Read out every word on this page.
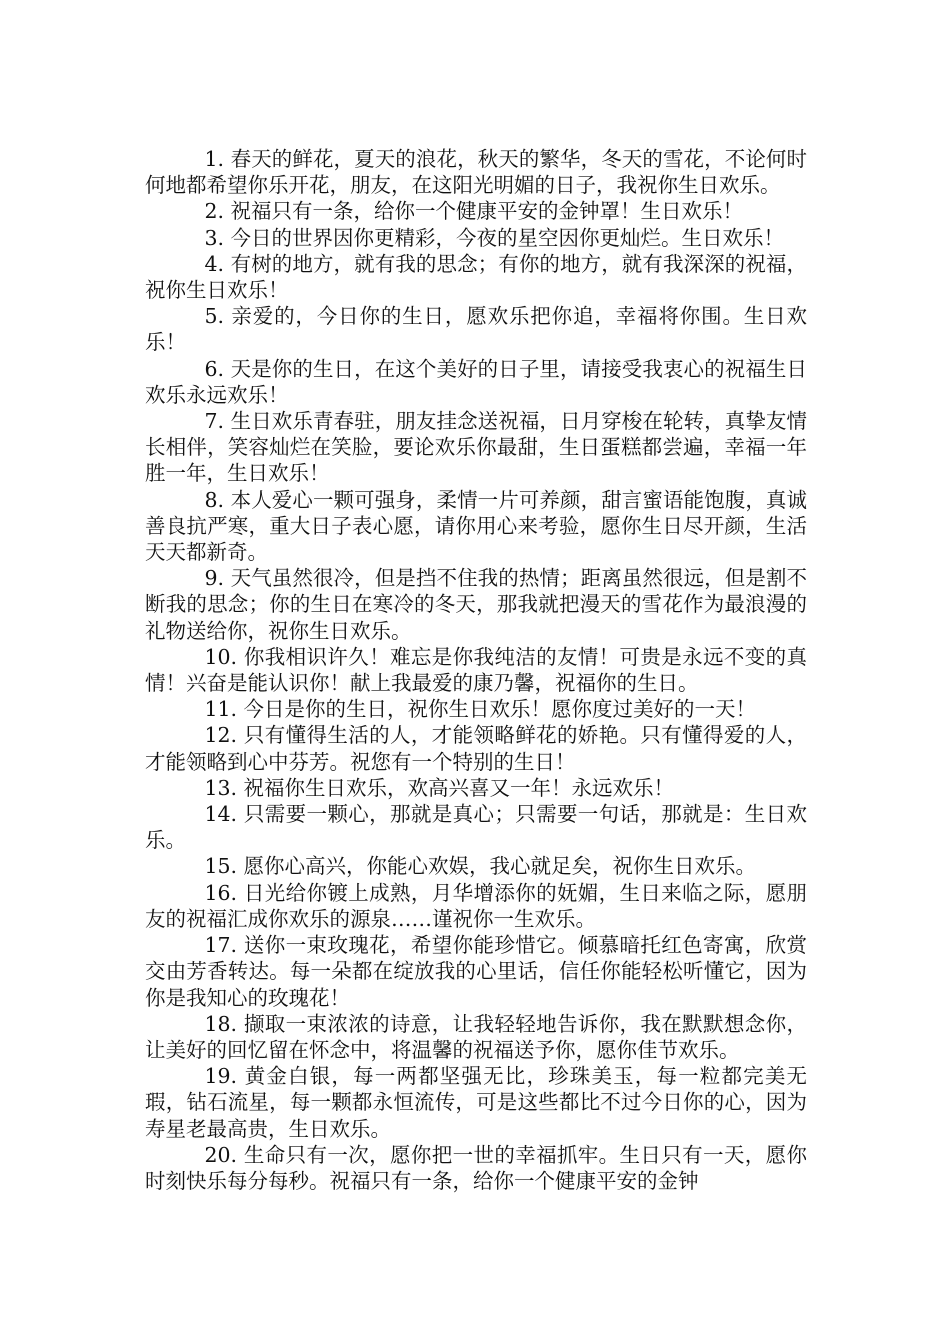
1. 春天的鲜花，夏天的浪花，秋天的繁华，冬天的雪花，不论何时何地都希望你乐开花，朋友，在这阳光明媚的日子，我祝你生日欢乐。

2. 祝福只有一条，给你一个健康平安的金钟罩！生日欢乐！

3. 今日的世界因你更精彩，今夜的星空因你更灿烂。生日欢乐！

4. 有树的地方，就有我的思念；有你的地方，就有我深深的祝福，祝你生日欢乐！

5. 亲爱的，今日你的生日，愿欢乐把你追，幸福将你围。生日欢乐！

6. 天是你的生日，在这个美好的日子里，请接受我衷心的祝福生日欢乐永远欢乐！

7. 生日欢乐青春驻，朋友挂念送祝福，日月穿梭在轮转，真挚友情长相伴，笑容灿烂在笑脸，要论欢乐你最甜，生日蛋糕都尝遍，幸福一年胜一年，生日欢乐！

8. 本人爱心一颗可强身，柔情一片可养颜，甜言蜜语能饱腹，真诚善良抗严寒，重大日子表心愿，请你用心来考验，愿你生日尽开颜，生活天天都新奇。

9. 天气虽然很冷，但是挡不住我的热情；距离虽然很远，但是割不断我的思念；你的生日在寒冷的冬天，那我就把漫天的雪花作为最浪漫的礼物送给你，祝你生日欢乐。

10. 你我相识许久！难忘是你我纯洁的友情！可贵是永远不变的真情！兴奋是能认识你！献上我最爱的康乃馨，祝福你的生日。

11. 今日是你的生日，祝你生日欢乐！愿你度过美好的一天！

12. 只有懂得生活的人，才能领略鲜花的娇艳。只有懂得爱的人，才能领略到心中芬芳。祝您有一个特别的生日！

13. 祝福你生日欢乐，欢高兴喜又一年！永远欢乐！

14. 只需要一颗心，那就是真心；只需要一句话，那就是：生日欢乐。

15. 愿你心高兴，你能心欢娱，我心就足矣，祝你生日欢乐。

16. 日光给你镀上成熟，月华增添你的妩媚，生日来临之际，愿朋友的祝福汇成你欢乐的源泉……谨祝你一生欢乐。

17. 送你一束玫瑰花，希望你能珍惜它。倾慕暗托红色寄寓，欣赏交由芳香转达。每一朵都在绽放我的心里话，信任你能轻松听懂它，因为你是我知心的玫瑰花！

18. 撷取一束浓浓的诗意，让我轻轻地告诉你，我在默默想念你，让美好的回忆留在怀念中，将温馨的祝福送予你，愿你佳节欢乐。

19. 黄金白银，每一两都坚强无比，珍珠美玉，每一粒都完美无瑕，钻石流星，每一颗都永恒流传，可是这些都比不过今日你的心，因为寿星老最高贵，生日欢乐。

20. 生命只有一次，愿你把一世的幸福抓牢。生日只有一天，愿你时刻快乐每分每秒。祝福只有一条，给你一个健康平安的金钟
